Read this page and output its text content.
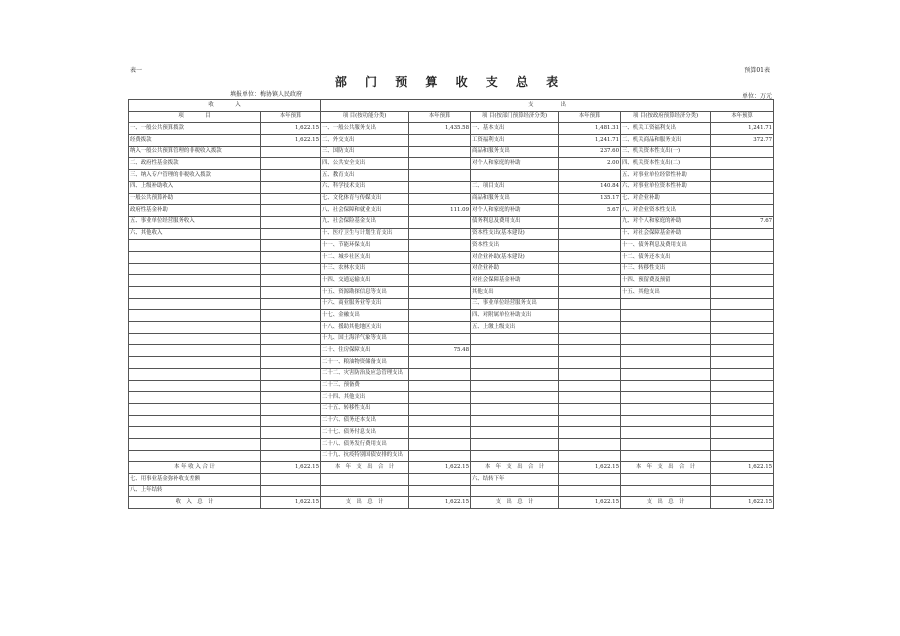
表一	预算01表
部 门 预 算 收 支 总 表
填报单位：梅协镇人民政府	单位：万元
收　　　　入		支　　　　　出					
项　　　　目	本年预算	项 目(按功能分类)	本年预算	项 目(按部门预算经济分类)	本年预算	项 目(按政府预算经济分类)	本年预算
一、一般公共预算拨款	1,622.15	一、一般公共服务支出	1,435.58	一、基本支出	1,481.31	一、机关工资福利支出	1,241.71
经费拨款	1,622.15	二、外交支出		工资福利支出	1,241.71	二、机关商品和服务支出	372.77
纳入一般公共预算管理的非税收入拨款		三、国防支出		商品和服务支出	237.60	三、机关资本性支出(一)	
二、政府性基金拨款		四、公共安全支出		对个人和家庭的补助	2.00	四、机关资本性支出(二)	
三、纳入专户管理的非税收入拨款		五、教育支出				五、对事业单位经常性补助	
四、上级补助收入		六、科学技术支出		二、项目支出	140.84	六、对事业单位资本性补助	
一般公共预算补助		七、文化体育与传媒支出		商品和服务支出	135.17	七、对企业补助	
政府性基金补助		八、社会保障和就业支出	111.09	对个人和家庭的补助	5.67	八、对企业资本性支出	
五、事业单位经营服务收入		九、社会保险基金支出		债务利息及费用支出		九、对个人和家庭的补助	7.67
六、其他收入		十、医疗卫生与计划生育支出		资本性支出(基本建设)		十、对社会保障基金补助	
		十一、节能环保支出		资本性支出		十一、债务利息及费用支出	
		十二、城乡社区支出		对企业补助(基本建设)		十二、债务还本支出	
		十三、农林水支出		对企业补助		十三、转移性支出	
		十四、交通运输支出		对社会保障基金补助		十四、预留费及预留	
		十五、资源勘探信息等支出		其他支出		十五、其他支出	
		十六、商业服务业等支出		三、事业单位经营服务支出			
		十七、金融支出		四、对附属单位补助支出			
		十八、援助其他地区支出		五、上缴上级支出			
		十九、国土海洋气象等支出					
		二十、住房保障支出	75.48				
		二十一、粮油物资储备支出					
		二十二、灾害防治及应急管理支出					
		二十三、预备费					
		二十四、其他支出					
		二十五、转移性支出					
		二十六、债务还本支出					
		二十七、债务付息支出					
		二十八、债务发行费用支出					
		二十九、抗疫特别国债安排的支出					
本 年 收 入 合 计	1,622.15	本　年　支　出　合　计	1,622.15	本　年　支　出　合　计	1,622.15	本　年　支　出　合　计	1,622.15
七、用事业基金弥补收支差额				六、结转下年			
八、上年结转							
收　入　总　计	1,622.15	支　出　总　计	1,622.15	支　出　总　计	1,622.15	支　出　总　计	1,622.15
